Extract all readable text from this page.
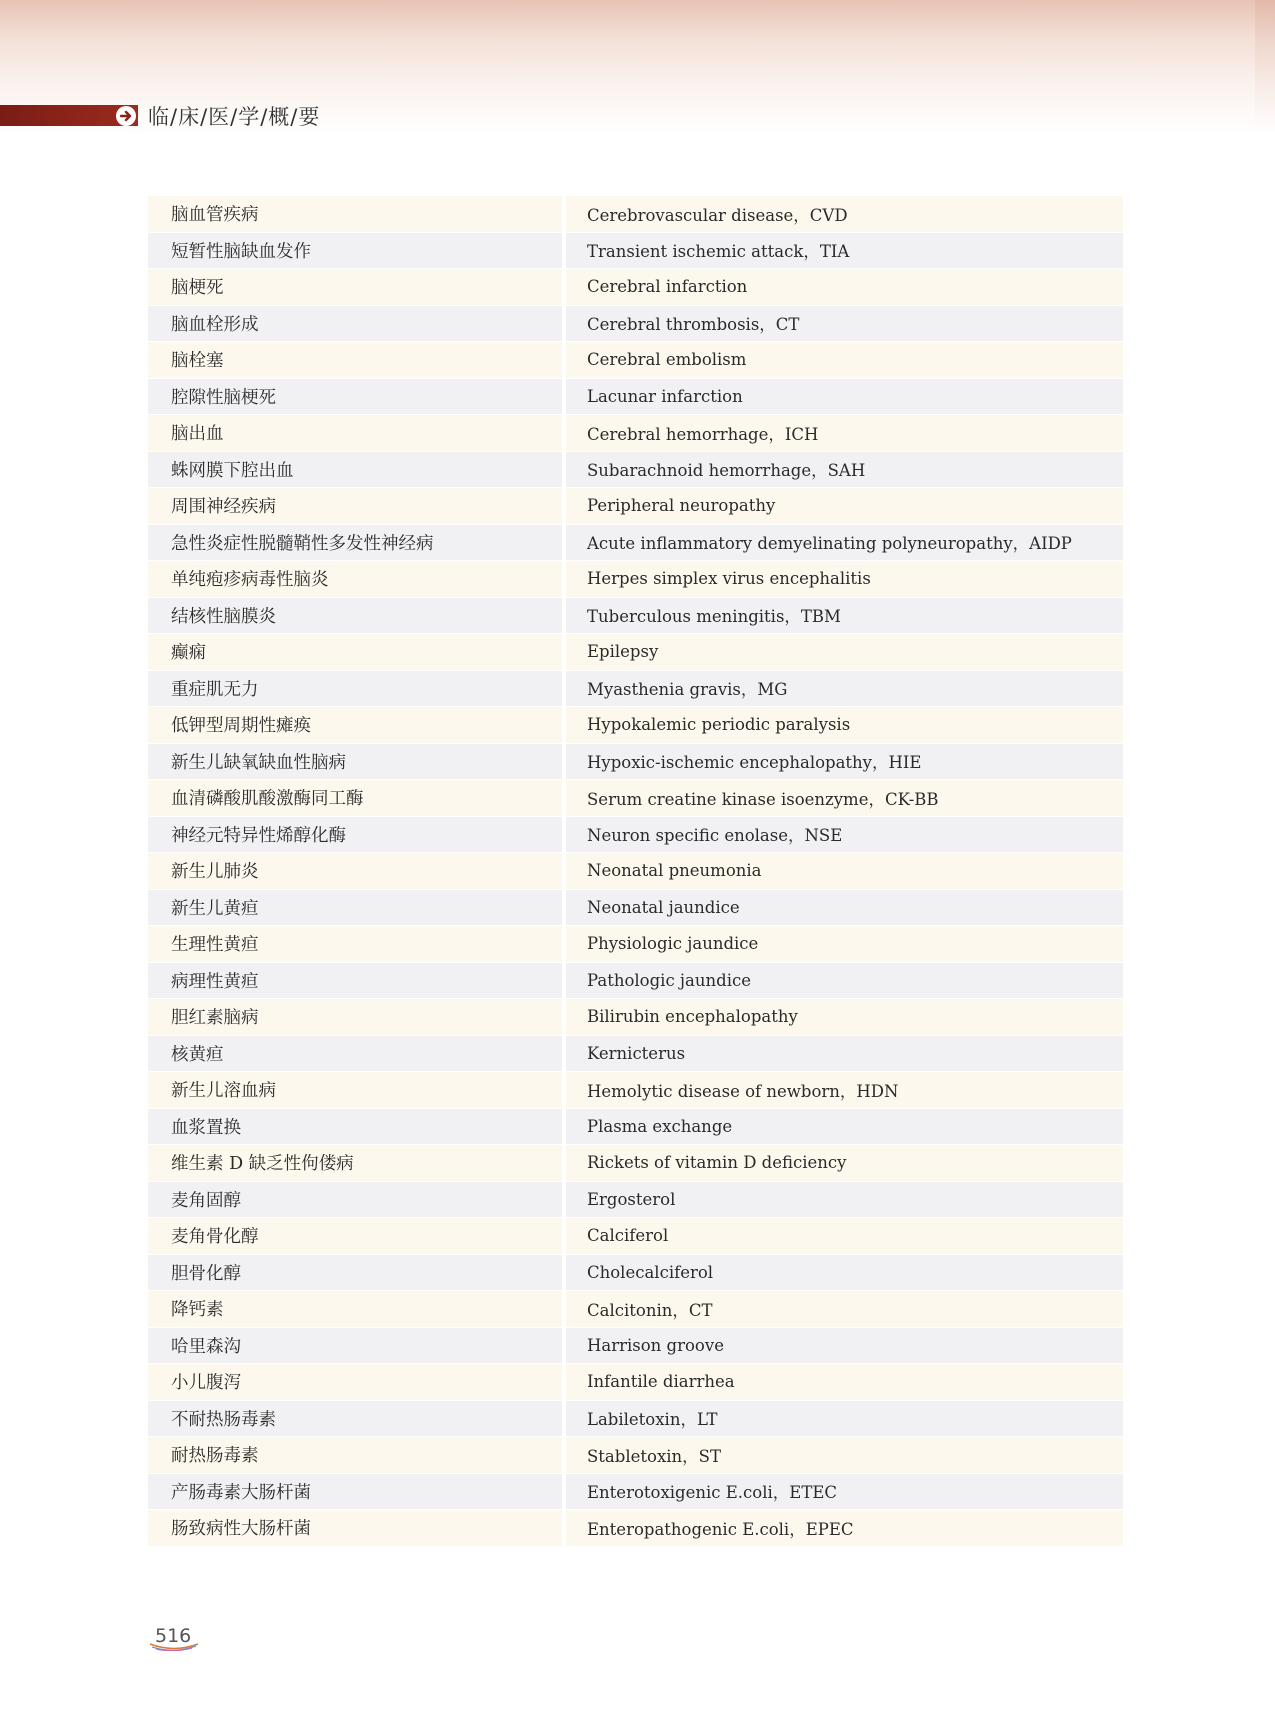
临/床/医/学/概/要
脑血管疾病	Cerebrovascular disease，CVD
短暂性脑缺血发作	Transient ischemic attack，TIA
脑梗死	Cerebral infarction
脑血栓形成	Cerebral thrombosis，CT
脑栓塞	Cerebral embolism
腔隙性脑梗死	Lacunar infarction
脑出血	Cerebral hemorrhage，ICH
蛛网膜下腔出血	Subarachnoid hemorrhage，SAH
周围神经疾病	Peripheral neuropathy
急性炎症性脱髓鞘性多发性神经病	Acute inflammatory demyelinating polyneuropathy，AIDP
单纯疱疹病毒性脑炎	Herpes simplex virus encephalitis
结核性脑膜炎	Tuberculous meningitis，TBM
癫痫	Epilepsy
重症肌无力	Myasthenia gravis，MG
低钾型周期性瘫痪	Hypokalemic periodic paralysis
新生儿缺氧缺血性脑病	Hypoxic-ischemic encephalopathy，HIE
血清磷酸肌酸激酶同工酶	Serum creatine kinase isoenzyme，CK-BB
神经元特异性烯醇化酶	Neuron specific enolase，NSE
新生儿肺炎	Neonatal pneumonia
新生儿黄疸	Neonatal jaundice
生理性黄疸	Physiologic jaundice
病理性黄疸	Pathologic jaundice
胆红素脑病	Bilirubin encephalopathy
核黄疸	Kernicterus
新生儿溶血病	Hemolytic disease of newborn，HDN
血浆置换	Plasma exchange
维生素 D 缺乏性佝偻病	Rickets of vitamin D deficiency
麦角固醇	Ergosterol
麦角骨化醇	Calciferol
胆骨化醇	Cholecalciferol
降钙素	Calcitonin，CT
哈里森沟	Harrison groove
小儿腹泻	Infantile diarrhea
不耐热肠毒素	Labiletoxin，LT
耐热肠毒素	Stabletoxin，ST
产肠毒素大肠杆菌	Enterotoxigenic E.coli，ETEC
肠致病性大肠杆菌	Enteropathogenic E.coli，EPEC
516
